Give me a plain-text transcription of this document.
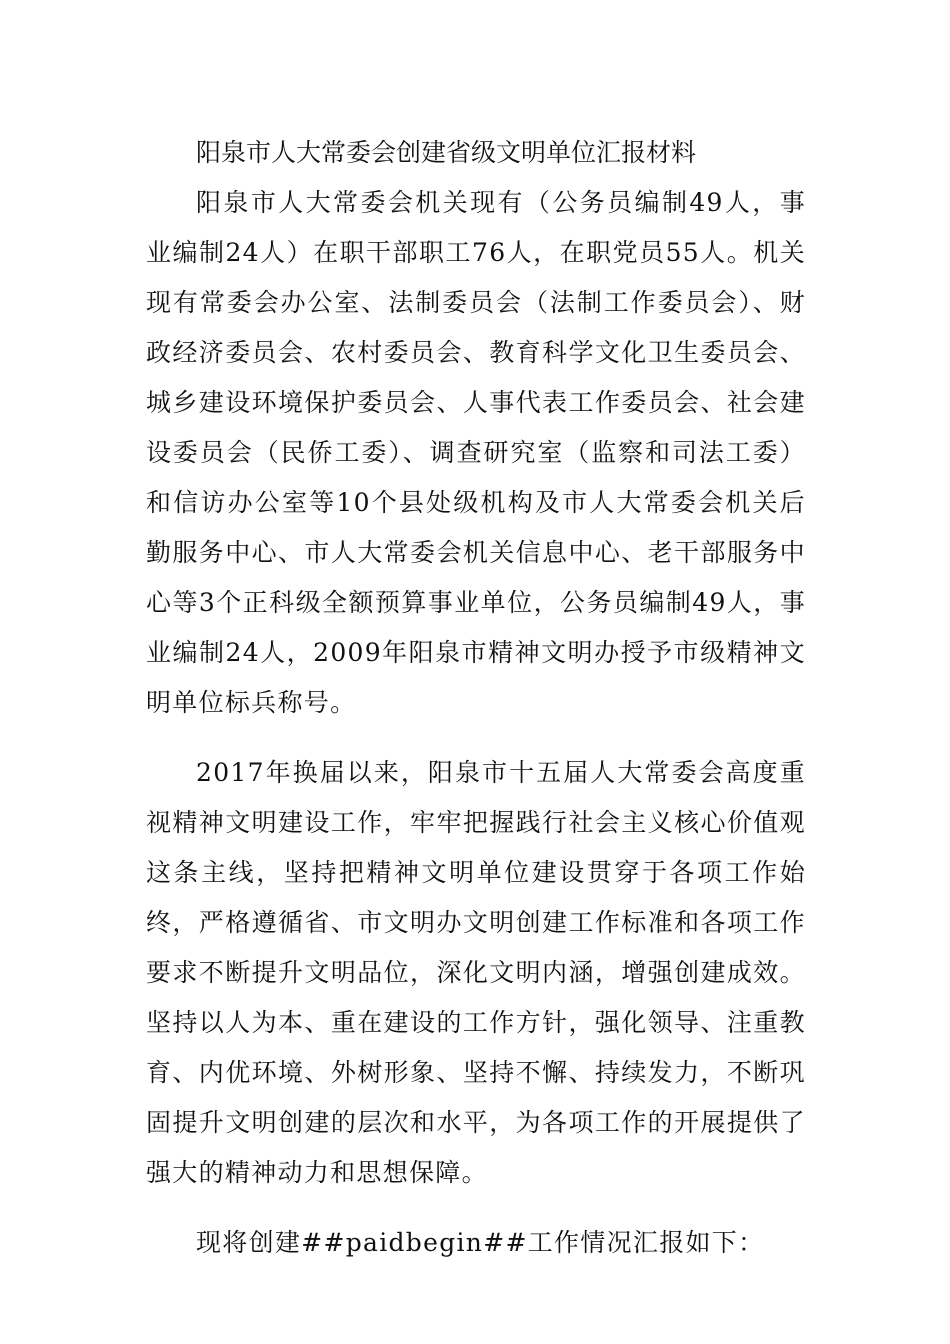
阳泉市人大常委会创建省级文明单位汇报材料

阳泉市人大常委会机关现有（公务员编制49人，事业编制24人）在职干部职工76人，在职党员55人。机关现有常委会办公室、法制委员会（法制工作委员会）、财政经济委员会、农村委员会、教育科学文化卫生委员会、城乡建设环境保护委员会、人事代表工作委员会、社会建设委员会（民侨工委）、调查研究室（监察和司法工委）和信访办公室等10个县处级机构及市人大常委会机关后勤服务中心、市人大常委会机关信息中心、老干部服务中心等3个正科级全额预算事业单位，公务员编制49人，事业编制24人，2009年阳泉市精神文明办授予市级精神文明单位标兵称号。

2017年换届以来，阳泉市十五届人大常委会高度重视精神文明建设工作，牢牢把握践行社会主义核心价值观这条主线，坚持把精神文明单位建设贯穿于各项工作始终，严格遵循省、市文明办文明创建工作标准和各项工作要求不断提升文明品位，深化文明内涵，增强创建成效。坚持以人为本、重在建设的工作方针，强化领导、注重教育、内优环境、外树形象、坚持不懈、持续发力，不断巩固提升文明创建的层次和水平，为各项工作的开展提供了强大的精神动力和思想保障。

现将创建##paidbegin##工作情况汇报如下：
